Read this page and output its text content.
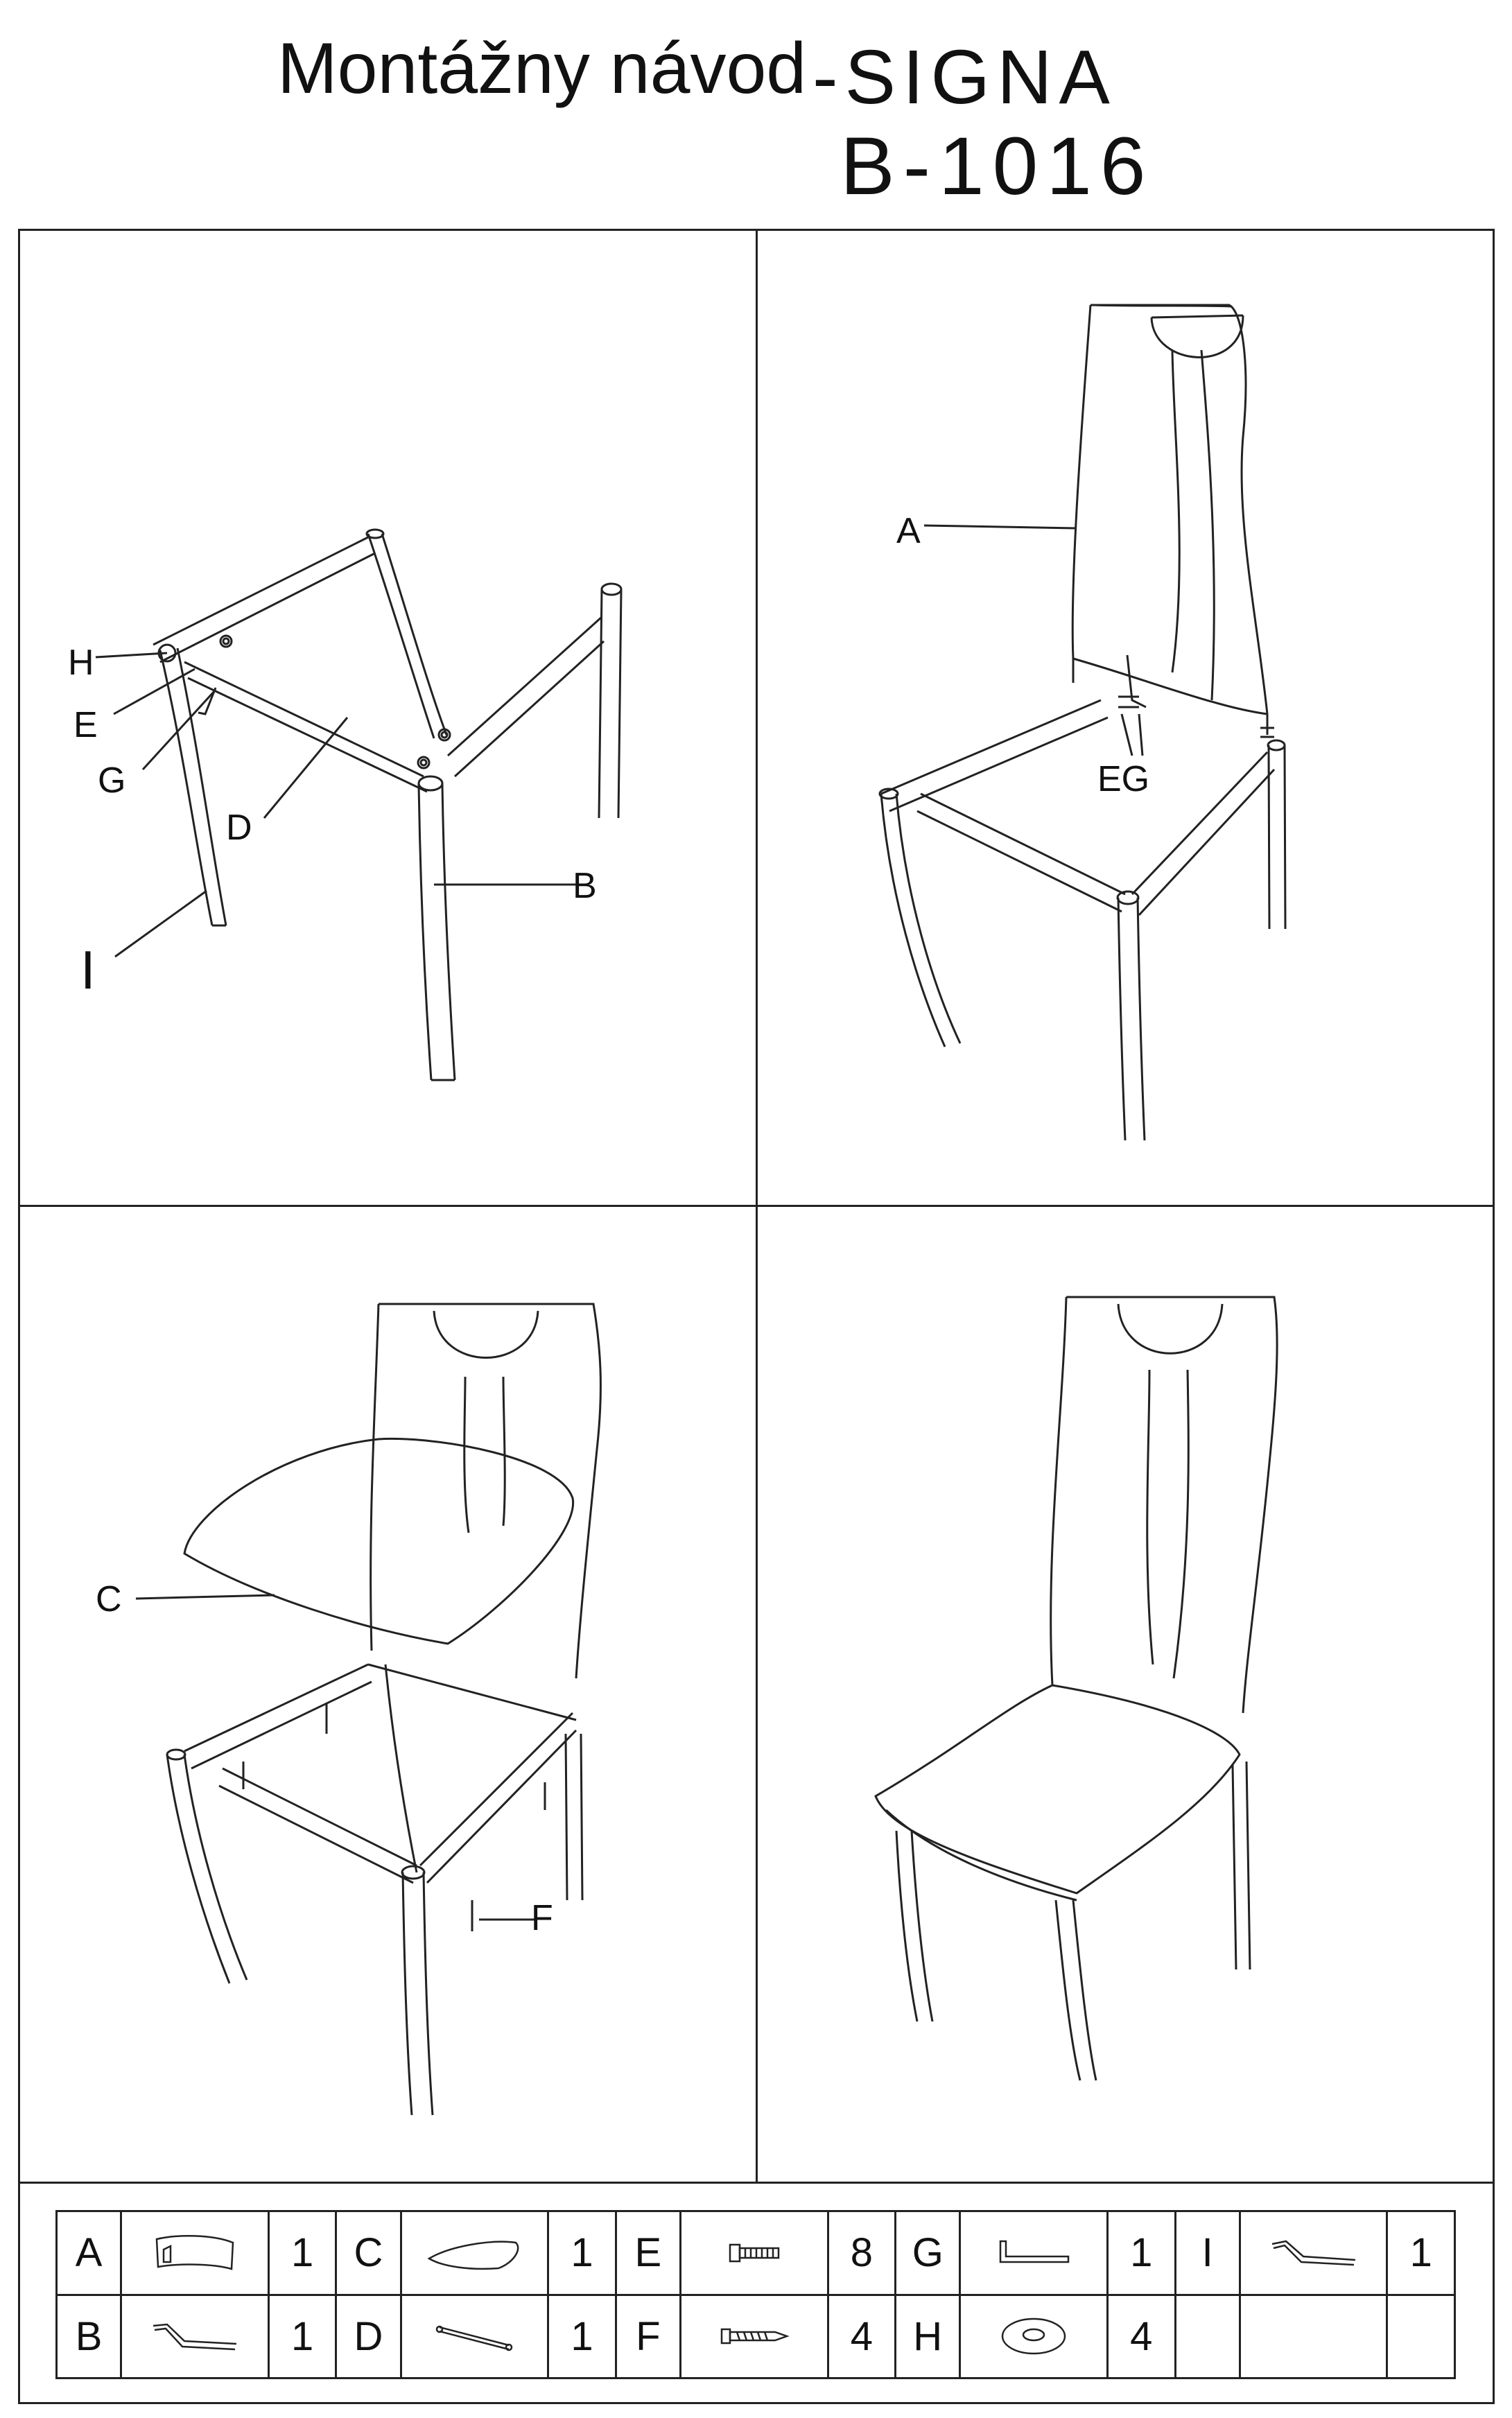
Montážny návod -SIGNA
B-1016
H
E
G
D
B
I
A
EG
C
F
A		1	C		1	E		8	G		1	I		1
B		1	D		1	F		4	H		4			
